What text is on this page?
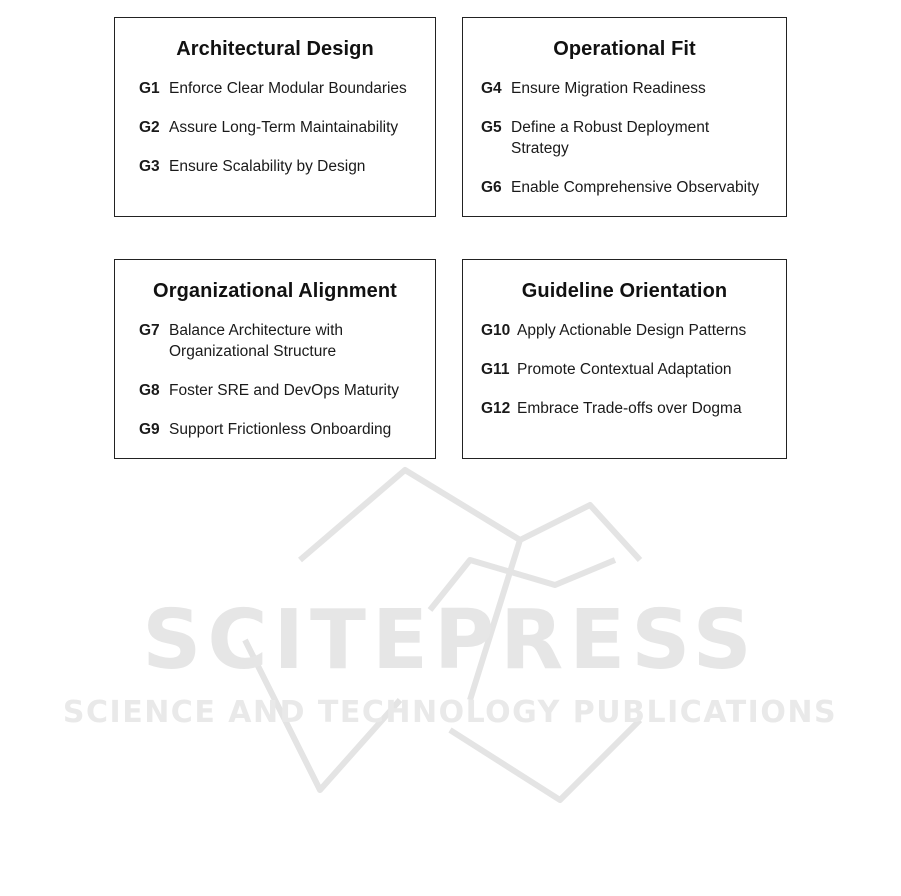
SCITEPRESS
SCIENCE AND TECHNOLOGY PUBLICATIONS
Architectural Design
G1 Enforce Clear Modular Boundaries
G2 Assure Long-Term Maintainability
G3 Ensure Scalability by Design
Operational Fit
G4 Ensure Migration Readiness
G5 Define a Robust Deployment Strategy
G6 Enable Comprehensive Observabity
Organizational Alignment
G7 Balance Architecture with Organizational Structure
G8 Foster SRE and DevOps Maturity
G9 Support Frictionless Onboarding
Guideline Orientation
G10 Apply Actionable Design Patterns
G11 Promote Contextual Adaptation
G12 Embrace Trade-offs over Dogma
